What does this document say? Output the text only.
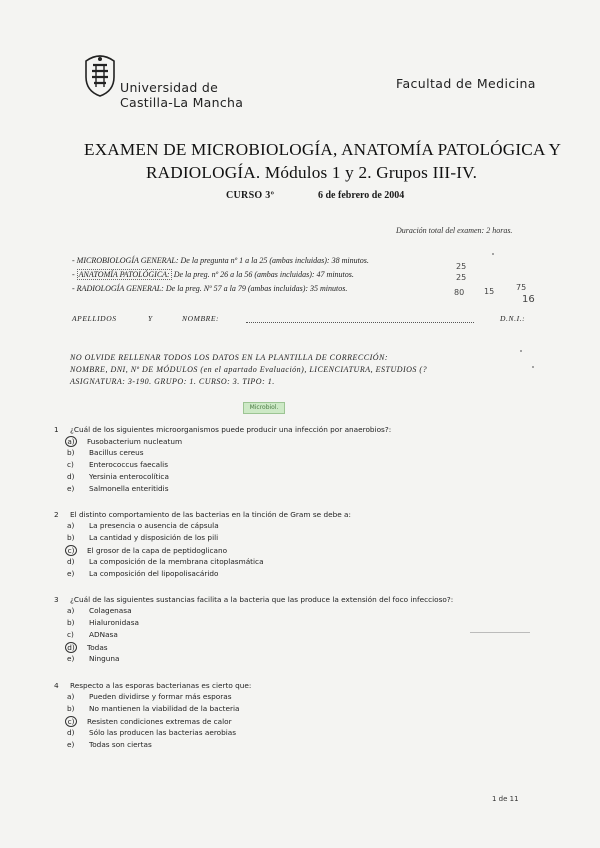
Universidad de
Castilla-La Mancha
Facultad de Medicina
EXAMEN DE MICROBIOLOGÍA, ANATOMÍA PATOLÓGICA Y
RADIOLOGÍA. Módulos 1 y 2. Grupos III-IV.
CURSO 3º	6 de febrero de 2004
Duración total del examen: 2 horas.
- MICROBIOLOGÍA GENERAL: De la pregunta nº 1 a la 25 (ambas incluidas): 38 minutos.
- ANATOMÍA PATOLÓGICA: De la preg. nº 26 a la 56 (ambas incluidas): 47 minutos.
- RADIOLOGÍA GENERAL: De la preg. Nº 57 a la 79 (ambas incluidas): 35 minutos.
25
25
80 15	75
16
APELLIDOS	Y	NOMBRE:	D.N.I.:
NO OLVIDE RELLENAR TODOS LOS DATOS EN LA PLANTILLA DE CORRECCIÓN:
NOMBRE, DNI, Nº DE MÓDULOS (en el apartado Evaluación), LICENCIATURA, ESTUDIOS (?
ASIGNATURA: 3-190. GRUPO: 1. CURSO: 3. TIPO: 1.
Microbiol.
1 ¿Cuál de los siguientes microorganismos puede producir una infección por anaerobios?:
a) Fusobacterium nucleatum
b) Bacillus cereus
c) Enterococcus faecalis
d) Yersinia enterocolítica
e) Salmonella enteritidis
2 El distinto comportamiento de las bacterias en la tinción de Gram se debe a:
a) La presencia o ausencia de cápsula
b) La cantidad y disposición de los pili
c) El grosor de la capa de peptidoglicano
d) La composición de la membrana citoplasmática
e) La composición del lipopolisacárido
3 ¿Cuál de las siguientes sustancias facilita a la bacteria que las produce la extensión del foco infeccioso?:
a) Colagenasa
b) Hialuronidasa
c) ADNasa
d) Todas
e) Ninguna
4 Respecto a las esporas bacterianas es cierto que:
a) Pueden dividirse y formar más esporas
b) No mantienen la viabilidad de la bacteria
c) Resisten condiciones extremas de calor
d) Sólo las producen las bacterias aerobias
e) Todas son ciertas
1 de 11
